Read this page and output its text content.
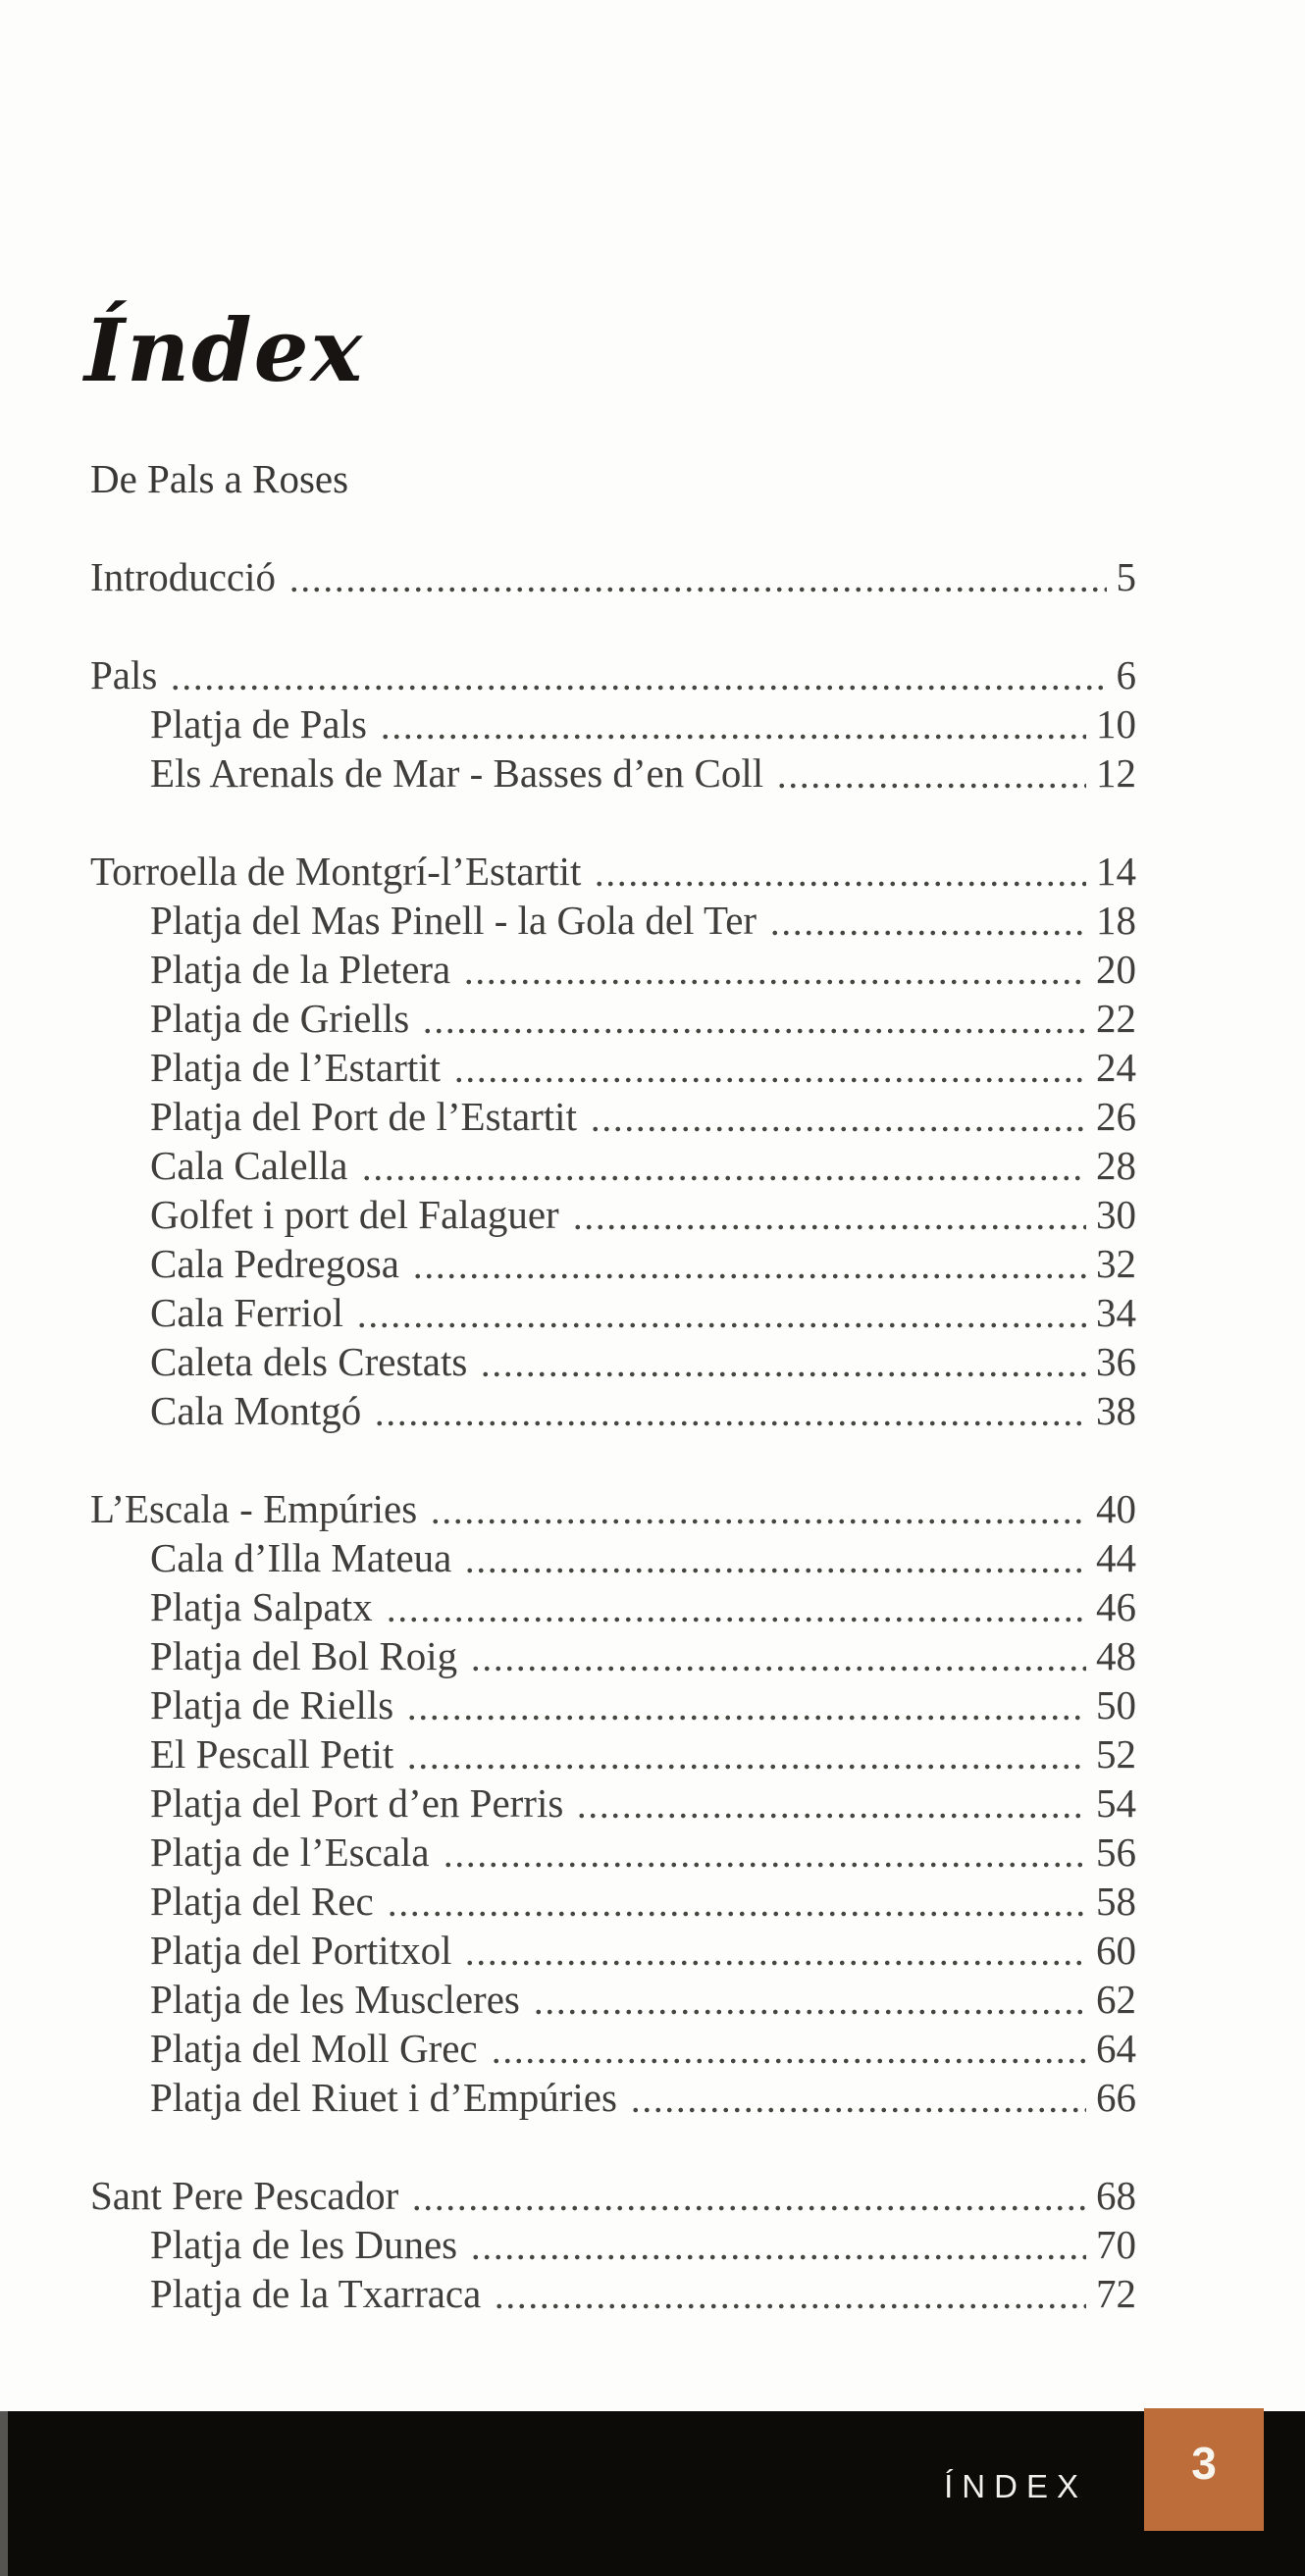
Índex
De Pals a Roses
Introducció	5
Pals	6
Platja de Pals	10
Els Arenals de Mar - Basses d’en Coll	12
Torroella de Montgrí-l’Estartit	14
Platja del Mas Pinell - la Gola del Ter	18
Platja de la Pletera	20
Platja de Griells	22
Platja de l’Estartit	24
Platja del Port de l’Estartit	26
Cala Calella	28
Golfet i port del Falaguer	30
Cala Pedregosa	32
Cala Ferriol	34
Caleta dels Crestats	36
Cala Montgó	38
L’Escala - Empúries	40
Cala d’Illa Mateua	44
Platja Salpatx	46
Platja del Bol Roig	48
Platja de Riells	50
El Pescall Petit	52
Platja del Port d’en Perris	54
Platja de l’Escala	56
Platja del Rec	58
Platja del Portitxol	60
Platja de les Muscleres	62
Platja del Moll Grec	64
Platja del Riuet i d’Empúries	66
Sant Pere Pescador	68
Platja de les Dunes	70
Platja de la Txarraca	72
ÍNDEX 3
